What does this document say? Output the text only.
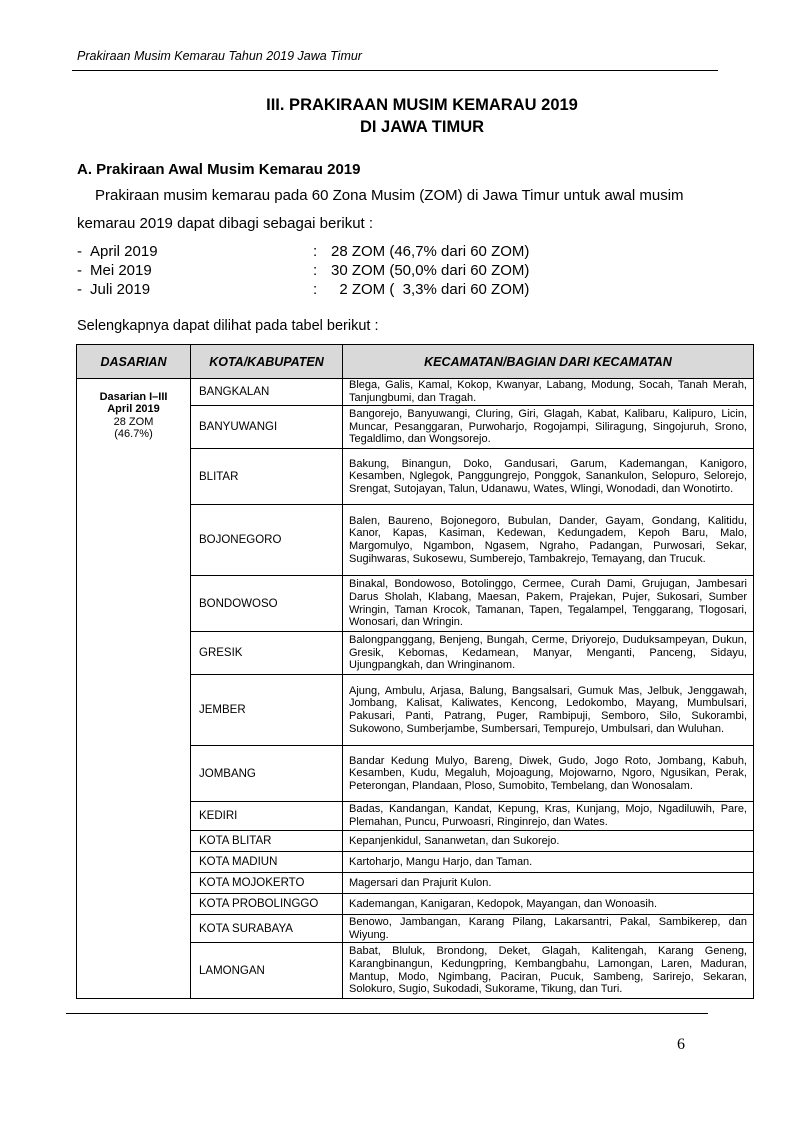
Prakiraan Musim Kemarau Tahun 2019 Jawa Timur
III. PRAKIRAAN MUSIM KEMARAU 2019
DI JAWA TIMUR
A. Prakiraan Awal Musim Kemarau 2019
Prakiraan musim kemarau pada 60 Zona Musim (ZOM) di Jawa Timur untuk awal musim
kemarau 2019 dapat dibagi sebagai berikut :
- April 2019	: 28 ZOM (46,7% dari 60 ZOM)
- Mei 2019	: 30 ZOM (50,0% dari 60 ZOM)
- Juli 2019	: 2 ZOM (  3,3% dari 60 ZOM)
Selengkapnya dapat dilihat pada tabel berikut :
DASARIAN	KOTA/KABUPATEN	KECAMATAN/BAGIAN DARI KECAMATAN

Dasarian I–III
April 2019
28 ZOM
(46.7%)	BANGKALAN	Blega, Galis, Kamal, Kokop, Kwanyar, Labang, Modung, Socah, Tanah Merah, Tanjungbumi, dan Tragah.
	BANYUWANGI	Bangorejo, Banyuwangi, Cluring, Giri, Glagah, Kabat, Kalibaru, Kalipuro, Licin, Muncar, Pesanggaran, Purwoharjo, Rogojampi, Siliragung, Singojuruh, Srono, Tegaldlimo, dan Wongsorejo.
	BLITAR	Bakung, Binangun, Doko, Gandusari, Garum, Kademangan, Kanigoro, Kesamben, Nglegok, Panggungrejo, Ponggok, Sanankulon, Selopuro, Selorejo, Srengat, Sutojayan, Talun, Udanawu, Wates, Wlingi, Wonodadi, dan Wonotirto.
	BOJONEGORO	Balen, Baureno, Bojonegoro, Bubulan, Dander, Gayam, Gondang, Kalitidu, Kanor, Kapas, Kasiman, Kedewan, Kedungadem, Kepoh Baru, Malo, Margomulyo, Ngambon, Ngasem, Ngraho, Padangan, Purwosari, Sekar, Sugihwaras, Sukosewu, Sumberejo, Tambakrejo, Temayang, dan Trucuk.
	BONDOWOSO	Binakal, Bondowoso, Botolinggo, Cermee, Curah Dami, Grujugan, Jambesari Darus Sholah, Klabang, Maesan, Pakem, Prajekan, Pujer, Sukosari, Sumber Wringin, Taman Krocok, Tamanan, Tapen, Tegalampel, Tenggarang, Tlogosari, Wonosari, dan Wringin.
	GRESIK	Balongpanggang, Benjeng, Bungah, Cerme, Driyorejo, Duduksampeyan, Dukun, Gresik, Kebomas, Kedamean, Manyar, Menganti, Panceng, Sidayu, Ujungpangkah, dan Wringinanom.
	JEMBER	Ajung, Ambulu, Arjasa, Balung, Bangsalsari, Gumuk Mas, Jelbuk, Jenggawah, Jombang, Kalisat, Kaliwates, Kencong, Ledokombo, Mayang, Mumbulsari, Pakusari, Panti, Patrang, Puger, Rambipuji, Semboro, Silo, Sukorambi, Sukowono, Sumberjambe, Sumbersari, Tempurejo, Umbulsari, dan Wuluhan.
	JOMBANG	Bandar Kedung Mulyo, Bareng, Diwek, Gudo, Jogo Roto, Jombang, Kabuh, Kesamben, Kudu, Megaluh, Mojoagung, Mojowarno, Ngoro, Ngusikan, Perak, Peterongan, Plandaan, Ploso, Sumobito, Tembelang, dan Wonosalam.
	KEDIRI	Badas, Kandangan, Kandat, Kepung, Kras, Kunjang, Mojo, Ngadiluwih, Pare, Plemahan, Puncu, Purwoasri, Ringinrejo, dan Wates.
	KOTA BLITAR	Kepanjenkidul, Sananwetan, dan Sukorejo.
	KOTA MADIUN	Kartoharjo, Mangu Harjo, dan Taman.
	KOTA MOJOKERTO	Magersari dan Prajurit Kulon.
	KOTA PROBOLINGGO	Kademangan, Kanigaran, Kedopok, Mayangan, dan Wonoasih.
	KOTA SURABAYA	Benowo, Jambangan, Karang Pilang, Lakarsantri, Pakal, Sambikerep, dan Wiyung.
	LAMONGAN	Babat, Bluluk, Brondong, Deket, Glagah, Kalitengah, Karang Geneng, Karangbinangun, Kedungpring, Kembangbahu, Lamongan, Laren, Maduran, Mantup, Modo, Ngimbang, Paciran, Pucuk, Sambeng, Sarirejo, Sekaran, Solokuro, Sugio, Sukodadi, Sukorame, Tikung, dan Turi.
6
